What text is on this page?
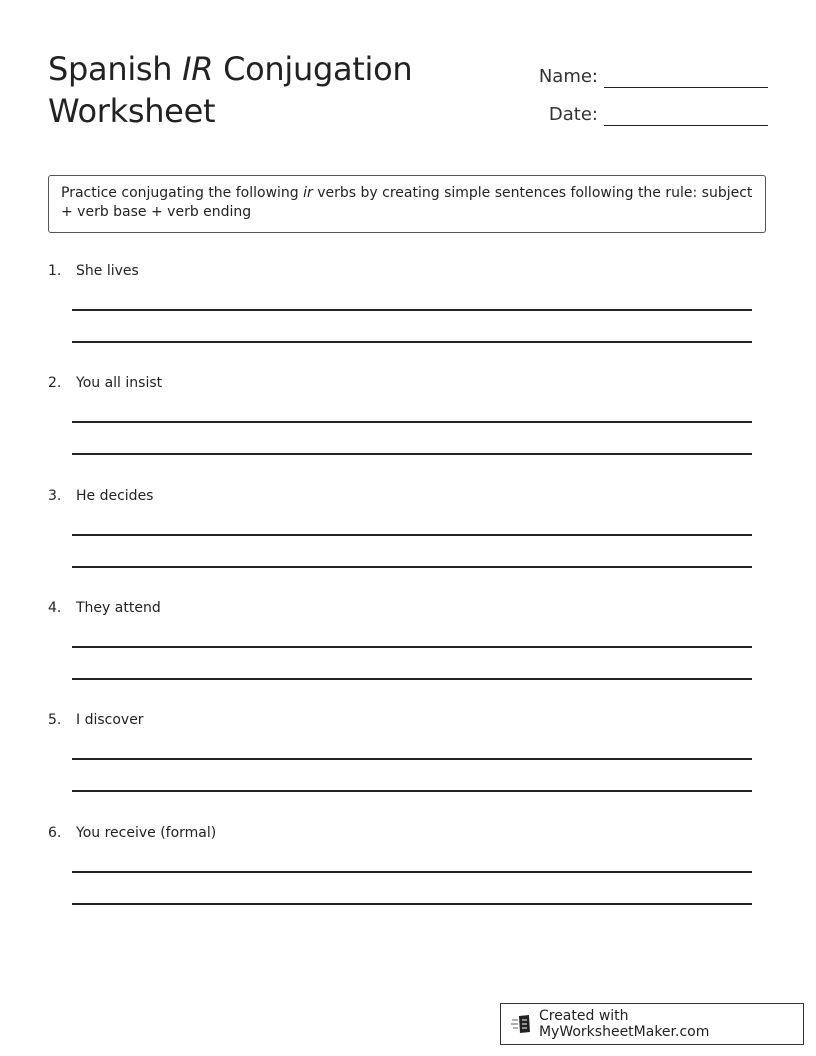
Spanish IR Conjugation
Worksheet
Name:
Date:
Practice conjugating the following ir verbs by creating simple sentences following the rule: subject + verb base + verb ending
1.	She lives
2.	You all insist
3.	He decides
4.	They attend
5.	I discover
6.	You receive (formal)
Created with MyWorksheetMaker.com
